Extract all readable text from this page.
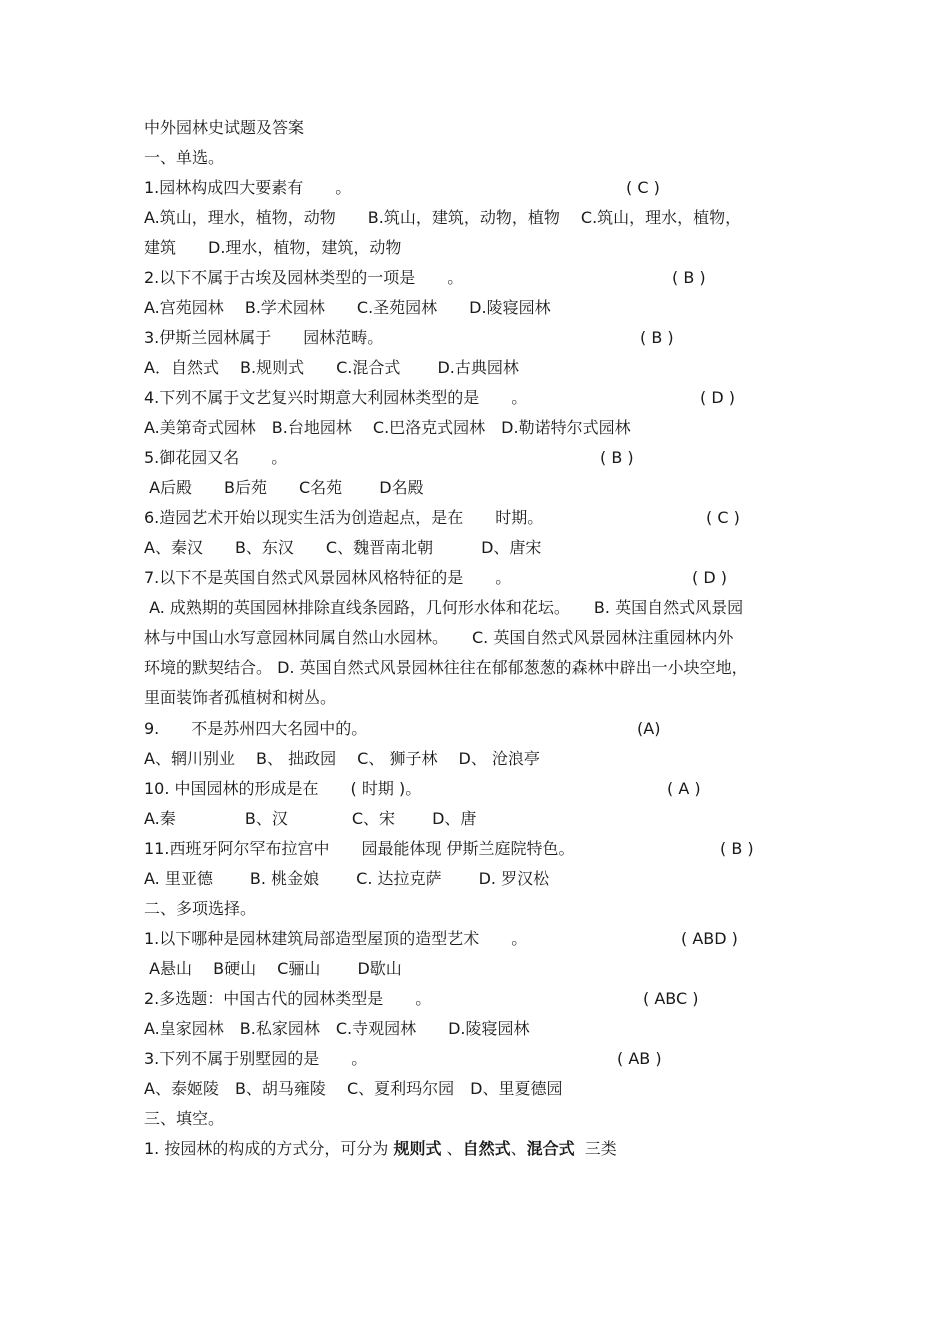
中外园林史试题及答案
一、单选。
1.园林构成四大要素有　　。	( C )
A.筑山，理水，植物，动物　　B.筑山，建筑，动物，植物　 C.筑山，理水，植物，
建筑　　D.理水，植物，建筑，动物
2.以下不属于古埃及园林类型的一项是　　。	( B )
A.宫苑园林　 B.学术园林　　C.圣苑园林　　D.陵寝园林
3.伊斯兰园林属于　　园林范畴。	( B )
A．自然式　 B.规则式　　C.混合式　　 D.古典园林
4.下列不属于文艺复兴时期意大利园林类型的是　　。	( D )
A.美第奇式园林　B.台地园林　 C.巴洛克式园林　D.勒诺特尔式园林
5.御花园又名　　。	( B )
A后殿　　B后苑　　C名苑　　 D名殿
6.造园艺术开始以现实生活为创造起点，是在　　时期。	( C )
A、秦汉　　B、东汉　　C、魏晋南北朝　　　D、唐宋
7.以下不是英国自然式风景园林风格特征的是　　。	( D )
A. 成熟期的英国园林排除直线条园路，几何形水体和花坛。　　B. 英国自然式风景园
林与中国山水写意园林同属自然山水园林。　　C. 英国自然式风景园林注重园林内外
环境的默契结合。 D. 英国自然式风景园林往往在郁郁葱葱的森林中辟出一小块空地，
里面装饰者孤植树和树丛。
9.　　不是苏州四大名园中的。	(A)
A、辋川别业　 B、 拙政园　 C、 狮子林　 D、 沧浪亭
10. 中国园林的形成是在　　( 时期 )。	( A )
A.秦　　　　 B、汉　　　　C、宋　　 D、唐
11.西班牙阿尔罕布拉宫中　　园最能体现 伊斯兰庭院特色。	( B )
A. 里亚德　　 B. 桃金娘　　 C. 达拉克萨　　 D. 罗汉松
二、多项选择。
1.以下哪种是园林建筑局部造型屋顶的造型艺术　　。	( ABD )
A悬山　 B硬山　 C骊山　　 D歇山
2.多选题：中国古代的园林类型是　　。	( ABC )
A.皇家园林　B.私家园林　C.寺观园林　　D.陵寝园林
3.下列不属于别墅园的是　　。	( AB )
A、泰姬陵　B、胡马雍陵　 C、夏利玛尔园　D、里夏德园
三、填空。
1. 按园林的构成的方式分，可分为 规则式 、自然式、混合式  三类
